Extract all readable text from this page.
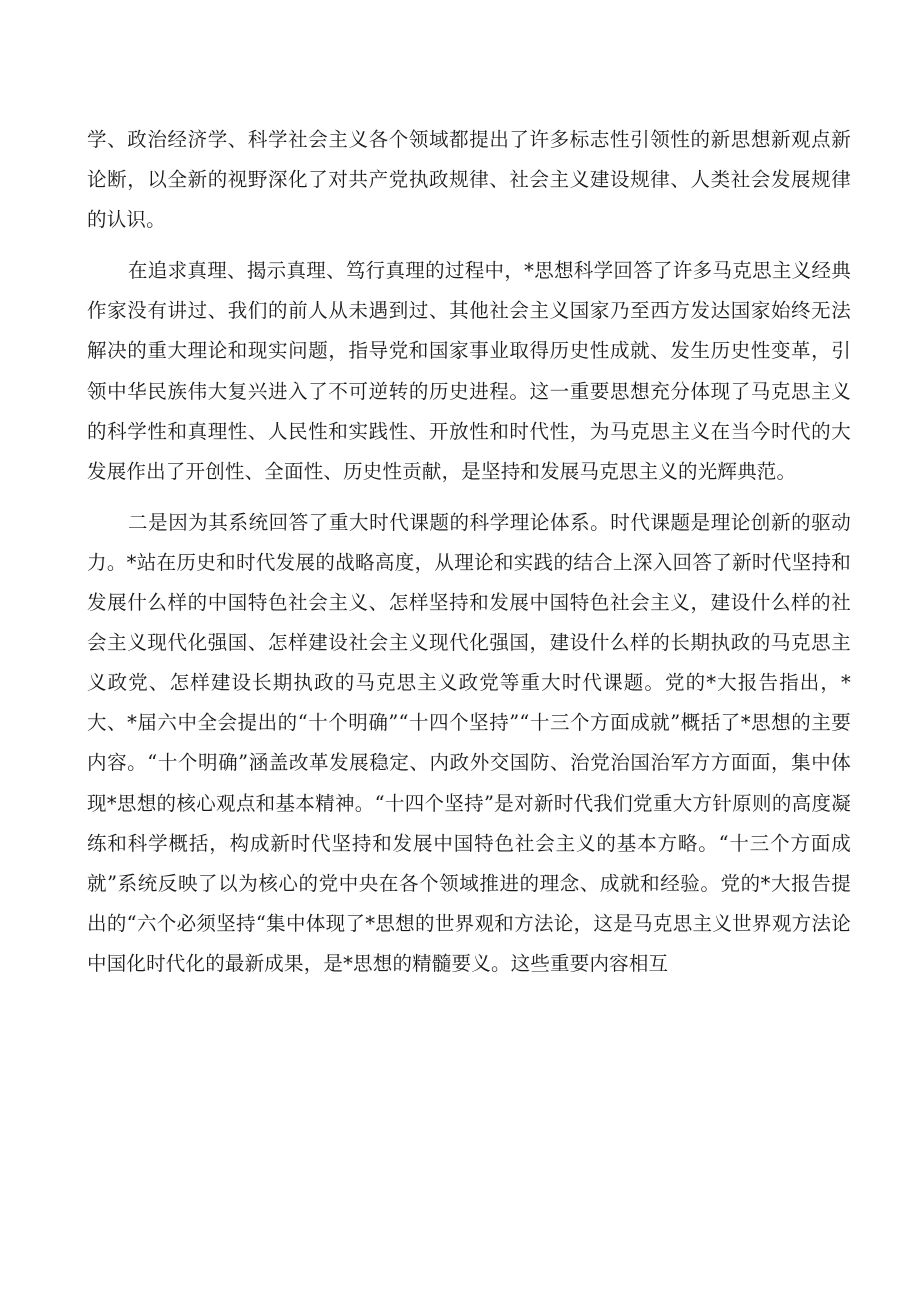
学、政治经济学、科学社会主义各个领域都提出了许多标志性引领性的新思想新观点新论断，以全新的视野深化了对共产党执政规律、社会主义建设规律、人类社会发展规律的认识。

在追求真理、揭示真理、笃行真理的过程中，*思想科学回答了许多马克思主义经典作家没有讲过、我们的前人从未遇到过、其他社会主义国家乃至西方发达国家始终无法解决的重大理论和现实问题，指导党和国家事业取得历史性成就、发生历史性变革，引领中华民族伟大复兴进入了不可逆转的历史进程。这一重要思想充分体现了马克思主义的科学性和真理性、人民性和实践性、开放性和时代性，为马克思主义在当今时代的大发展作出了开创性、全面性、历史性贡献，是坚持和发展马克思主义的光辉典范。

二是因为其系统回答了重大时代课题的科学理论体系。时代课题是理论创新的驱动力。*站在历史和时代发展的战略高度，从理论和实践的结合上深入回答了新时代坚持和发展什么样的中国特色社会主义、怎样坚持和发展中国特色社会主义，建设什么样的社会主义现代化强国、怎样建设社会主义现代化强国，建设什么样的长期执政的马克思主义政党、怎样建设长期执政的马克思主义政党等重大时代课题。党的*大报告指出，*大、*届六中全会提出的“十个明确”“十四个坚持”“十三个方面成就”概括了*思想的主要内容。“十个明确”涵盖改革发展稳定、内政外交国防、治党治国治军方方面面，集中体现*思想的核心观点和基本精神。“十四个坚持”是对新时代我们党重大方针原则的高度凝练和科学概括，构成新时代坚持和发展中国特色社会主义的基本方略。“十三个方面成就”系统反映了以为核心的党中央在各个领域推进的理念、成就和经验。党的*大报告提出的“六个必须坚持“集中体现了*思想的世界观和方法论，这是马克思主义世界观方法论中国化时代化的最新成果，是*思想的精髓要义。这些重要内容相互
